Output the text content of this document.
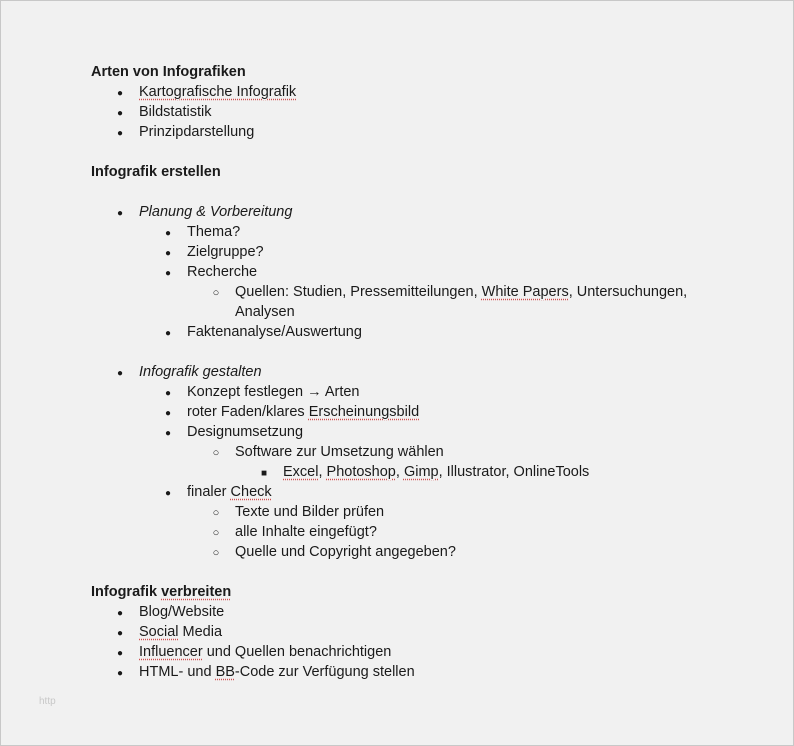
Arten von Infografiken
●
Kartografische Infografik
●
Bildstatistik
●
Prinzipdarstellung
Infografik erstellen
●
Planung & Vorbereitung
●
Thema?
●
Zielgruppe?
●
Recherche
○
Quellen: Studien, Pressemitteilungen, White Papers, Untersuchungen, Analysen
●
Faktenanalyse/Auswertung
●
Infografik gestalten
●
Konzept festlegen → Arten
●
roter Faden/klares Erscheinungsbild
●
Designumsetzung
○
Software zur Umsetzung wählen
■
Excel, Photoshop, Gimp, Illustrator, OnlineTools
●
finaler Check
○
Texte und Bilder prüfen
○
alle Inhalte eingefügt?
○
Quelle und Copyright angegeben?
Infografik verbreiten
●
Blog/Website
●
Social Media
●
Influencer und Quellen benachrichtigen
●
HTML- und BB-Code zur Verfügung stellen
http
